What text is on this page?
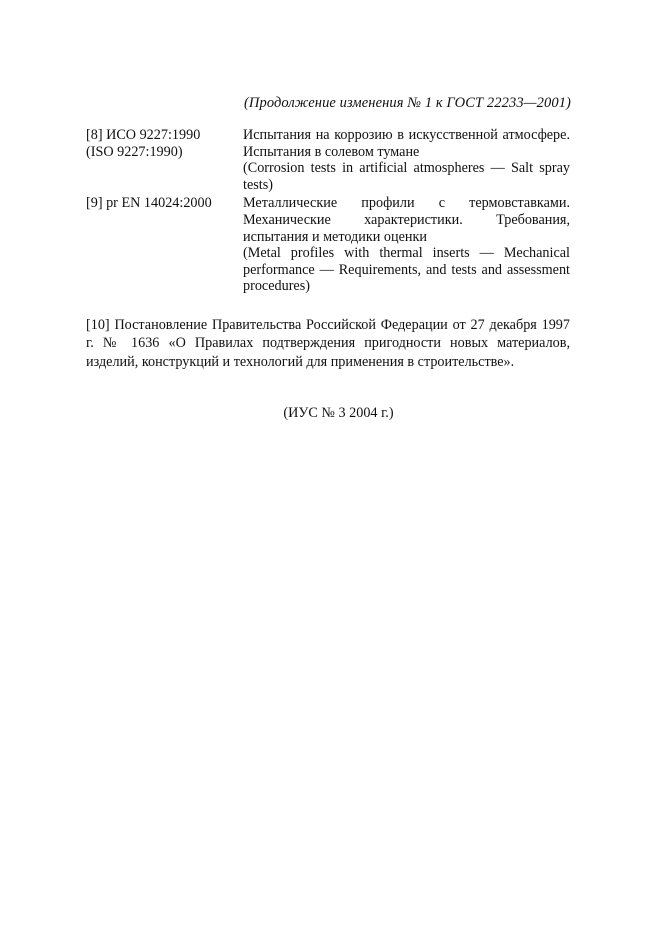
(Продолжение изменения № 1 к ГОСТ 22233—2001)
[8] ИСО 9227:1990
(ISO 9227:1990)

Испытания на коррозию в искусственной атмосфере. Испытания в солевом тумане

(Corrosion tests in artificial atmospheres — Salt spray tests)

[9] pr EN 14024:2000	Металлические профили с термовставками. Механические характеристики. Требования, испытания и методики оценки

(Metal profiles with thermal inserts — Mechanical performance — Requirements, and tests and assessment procedures)

[10] Постановление Правительства Российской Федерации от 27 декабря 1997 г. № 1636 «О Правилах подтверждения пригодности новых материалов, изделий, конструкций и технологий для применения в строительстве».

(ИУС № 3 2004 г.)
